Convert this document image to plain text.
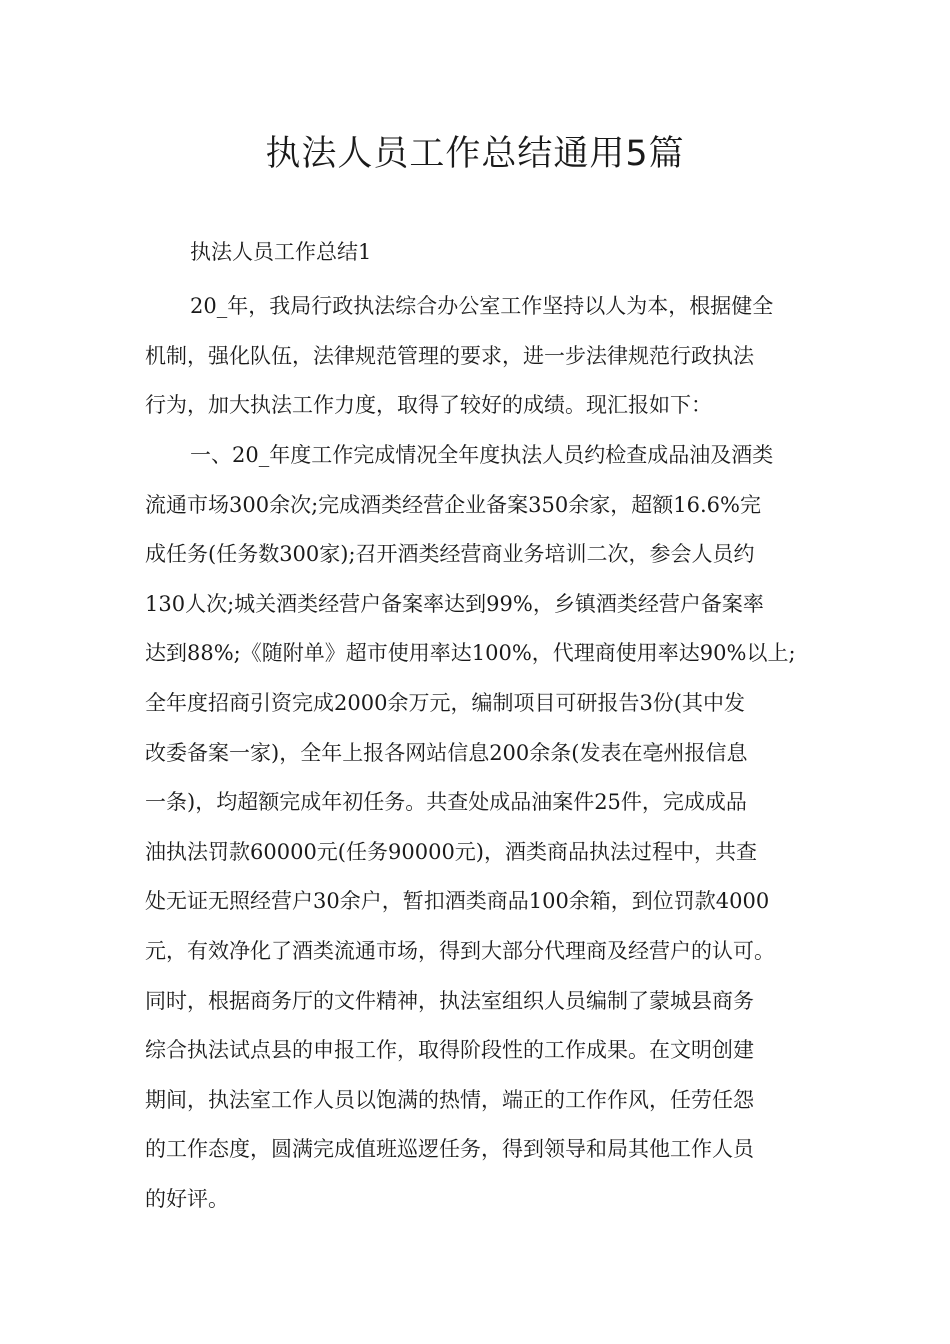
执法人员工作总结通用5篇
执法人员工作总结1
20_年，我局行政执法综合办公室工作坚持以人为本，根据健全
机制，强化队伍，法律规范管理的要求，进一步法律规范行政执法
行为，加大执法工作力度，取得了较好的成绩。现汇报如下：
一、20_年度工作完成情况全年度执法人员约检查成品油及酒类
流通市场300余次;完成酒类经营企业备案350余家，超额16.6%完
成任务(任务数300家);召开酒类经营商业务培训二次，参会人员约
130人次;城关酒类经营户备案率达到99%，乡镇酒类经营户备案率
达到88%;《随附单》超市使用率达100%，代理商使用率达90%以上;
全年度招商引资完成2000余万元，编制项目可研报告3份(其中发
改委备案一家)，全年上报各网站信息200余条(发表在亳州报信息
一条)，均超额完成年初任务。共查处成品油案件25件，完成成品
油执法罚款60000元(任务90000元)，酒类商品执法过程中，共查
处无证无照经营户30余户，暂扣酒类商品100余箱，到位罚款4000
元，有效净化了酒类流通市场，得到大部分代理商及经营户的认可。
同时，根据商务厅的文件精神，执法室组织人员编制了蒙城县商务
综合执法试点县的申报工作，取得阶段性的工作成果。在文明创建
期间，执法室工作人员以饱满的热情，端正的工作作风，任劳任怨
的工作态度，圆满完成值班巡逻任务，得到领导和局其他工作人员
的好评。
